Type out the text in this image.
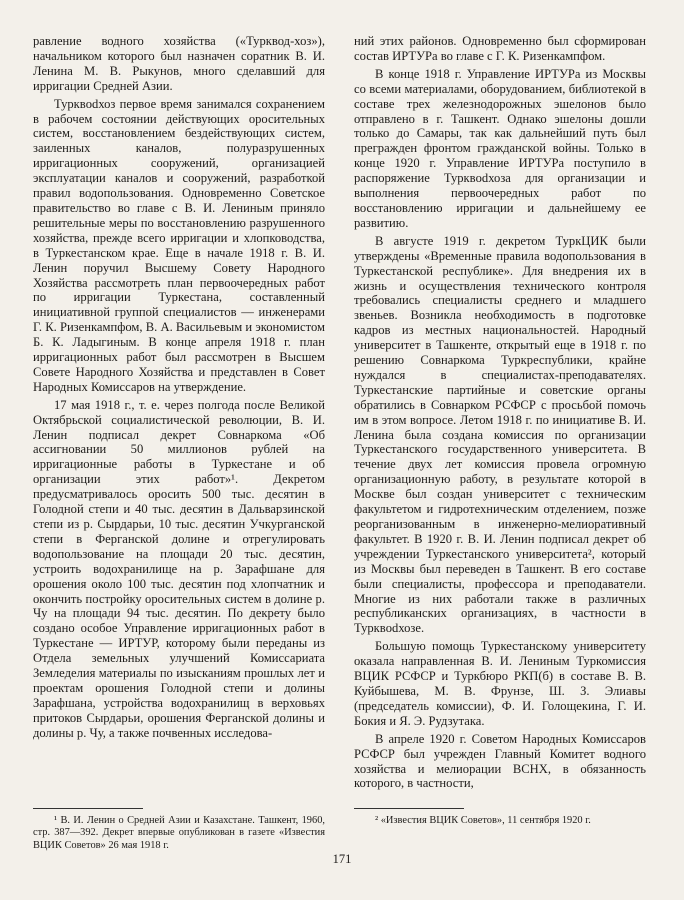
равление водного хозяйства («Турквод-хоз»), начальником которого был назначен соратник В. И. Ленина М. В. Рыкунов, много сделавший для ирригации Средней Азии.

Турквodхоз первое время занимался сохранением в рабочем состоянии действующих оросительных систем, восстановлением бездействующих систем, заиленных каналов, полуразрушенных ирригационных сооружений, организацией эксплуатации каналов и сооружений, разработкой правил водопользования. Одновременно Советское правительство во главе с В. И. Лениным приняло решительные меры по восстановлению разрушенного хозяйства, прежде всего ирригации и хлопководства, в Туркестанском крае. Еще в начале 1918 г. В. И. Ленин поручил Высшему Совету Народного Хозяйства рассмотреть план первоочередных работ по ирригации Туркестана, составленный инициативной группой специалистов — инженерами Г. К. Ризенкампфом, В. А. Васильевым и экономистом Б. К. Ладыгиным. В конце апреля 1918 г. план ирригационных работ был рассмотрен в Высшем Совете Народного Хозяйства и представлен в Совет Народных Комиссаров на утверждение.

17 мая 1918 г., т. е. через полгода после Великой Октябрьской социалистической революции, В. И. Ленин подписал декрет Совнаркома «Об ассигновании 50 миллионов рублей на ирригационные работы в Туркестане и об организации этих работ»¹. Декретом предусматривалось оросить 500 тыс. десятин в Голодной степи и 40 тыс. десятин в Дальварзинской степи из р. Сырдарьи, 10 тыс. десятин Учкурганской степи в Ферганской долине и отрегулировать водопользование на площади 20 тыс. десятин, устроить водохранилище на р. Зарафшане для орошения около 100 тыс. десятин под хлопчатник и окончить постройку оросительных систем в долине р. Чу на площади 94 тыс. десятин. По декрету было создано особое Управление ирригационных работ в Туркестане — ИРТУР, которому были переданы из Отдела земельных улучшений Комиссариата Земледелия материалы по изысканиям прошлых лет и проектам орошения Голодной степи и долины Зарафшана, устройства водохранилищ в верховьях притоков Сырдарьи, орошения Ферганской долины и долины р. Чу, а также почвенных исследова-

ний этих районов. Одновременно был сформирован состав ИРТУРа во главе с Г. К. Ризенкампфом.

В конце 1918 г. Управление ИРТУРа из Москвы со всеми материалами, оборудованием, библиотекой в составе трех железнодорожных эшелонов было отправлено в г. Ташкент. Однако эшелоны дошли только до Самары, так как дальнейший путь был прегражден фронтом гражданской войны. Только в конце 1920 г. Управление ИРТУРа поступило в распоряжение Турквodхоза для организации и выполнения первоочередных работ по восстановлению ирригации и дальнейшему ее развитию.

В августе 1919 г. декретом ТуркЦИК были утверждены «Временные правила водопользования в Туркестанской республике». Для внедрения их в жизнь и осуществления технического контроля требовались специалисты среднего и младшего звеньев. Возникла необходимость в подготовке кадров из местных национальностей. Народный университет в Ташкенте, открытый еще в 1918 г. по решению Совнаркома Туркреспублики, крайне нуждался в специалистах-преподавателях. Туркестанские партийные и советские органы обратились в Совнарком РСФСР с просьбой помочь им в этом вопросе. Летом 1918 г. по инициативе В. И. Ленина была создана комиссия по организации Туркестанского государственного университета. В течение двух лет комиссия провела огромную организационную работу, в результате которой в Москве был создан университет с техническим факультетом и гидротехническим отделением, позже реорганизованным в инженерно-мелиоративный факультет. В 1920 г. В. И. Ленин подписал декрет об учреждении Туркестанского университета², который из Москвы был переведен в Ташкент. В его составе были специалисты, профессора и преподаватели. Многие из них работали также в различных республиканских организациях, в частности в Турквodхозе.

Большую помощь Туркестанскому университету оказала направленная В. И. Лениным Туркомиссия ВЦИК РСФСР и Туркбюро РКП(б) в составе В. В. Куйбышева, М. В. Фрунзе, Ш. З. Элиавы (председатель комиссии), Ф. И. Голощекина, Г. И. Бокия и Я. Э. Рудзутака.

В апреле 1920 г. Советом Народных Комиссаров РСФСР был учрежден Главный Комитет водного хозяйства и мелиорации ВСНХ, в обязанность которого, в частности,

¹ В. И. Ленин о Средней Азии и Казахстане. Ташкент, 1960, стр. 387—392. Декрет впервые опубликован в газете «Известия ВЦИК Советов» 26 мая 1918 г.

² «Известия ВЦИК Советов», 11 сентября 1920 г.

171
